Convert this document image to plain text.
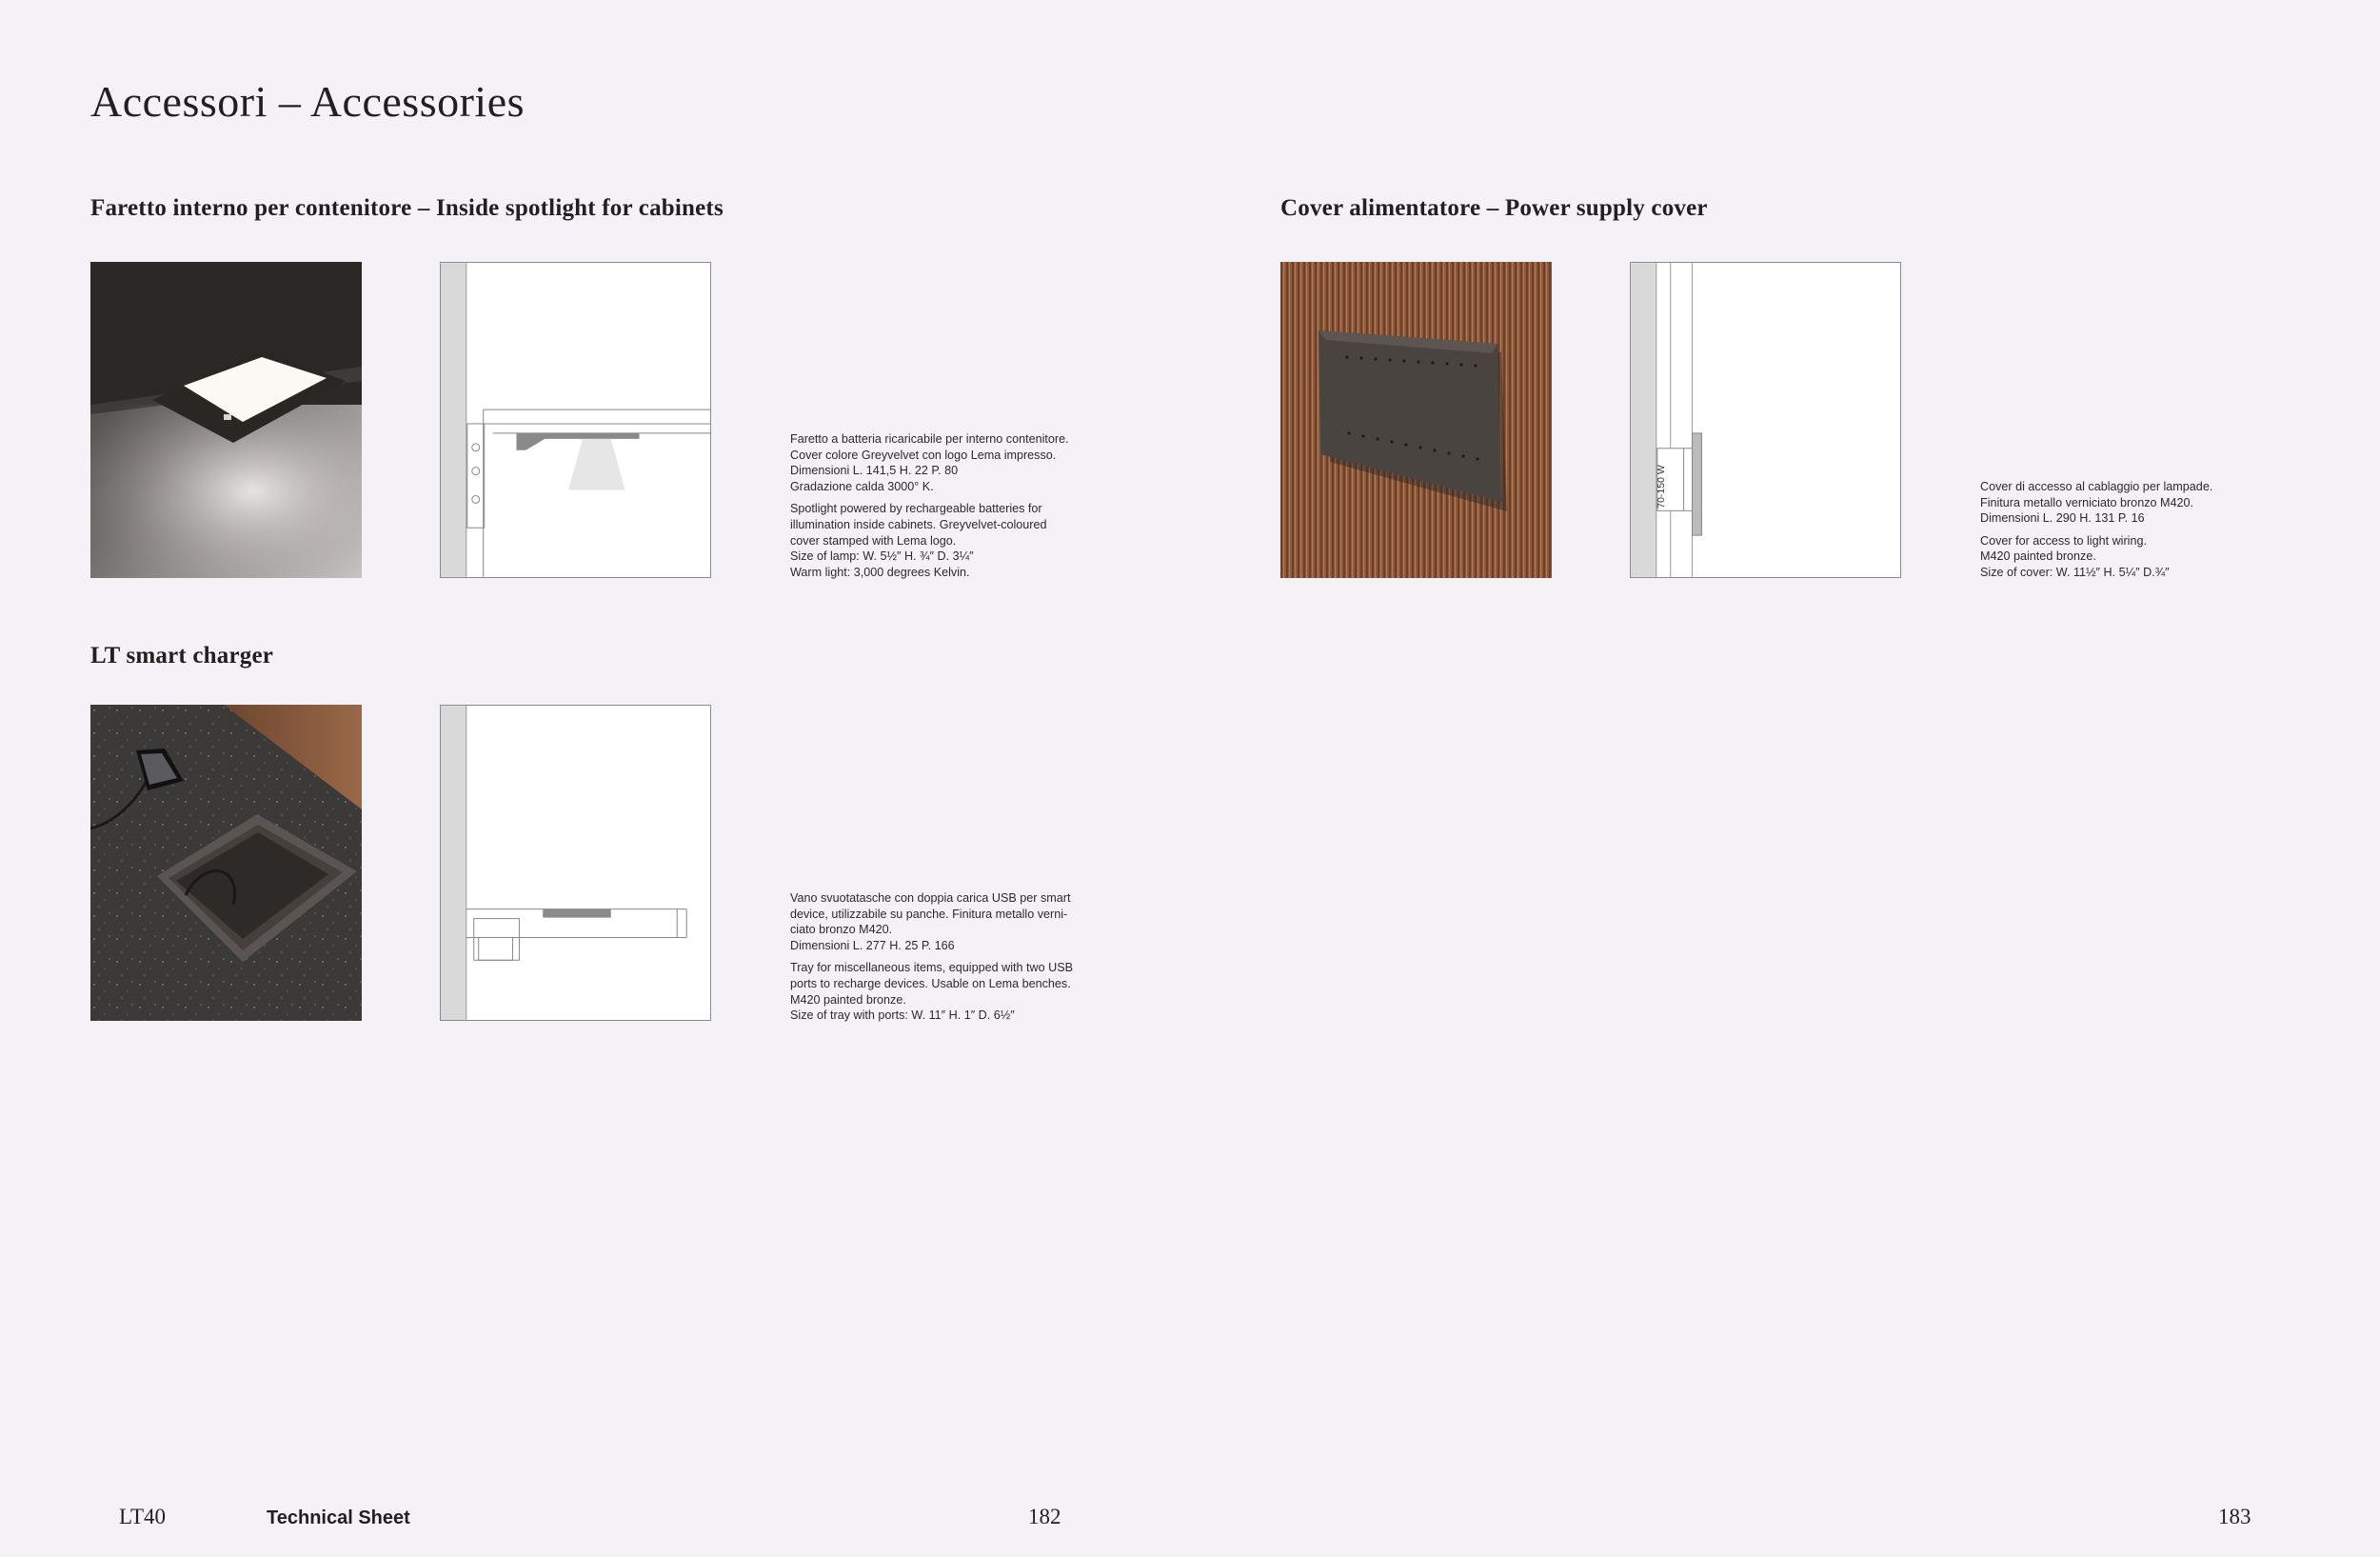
Accessori – Accessories
Faretto interno per contenitore – Inside spotlight for cabinets

Faretto a batteria ricaricabile per interno contenitore.
Cover colore Greyvelvet con logo Lema impresso.
Dimensioni L. 141,5 H. 22 P. 80
Gradazione calda 3000° K.

Spotlight powered by rechargeable batteries for
illumination inside cabinets. Greyvelvet-coloured
cover stamped with Lema logo.
Size of lamp: W. 5½″ H. ¾″ D. 3¼″
Warm light: 3,000 degrees Kelvin.

Cover alimentatore – Power supply cover
70-150 W	Cover di accesso al cablaggio per lampade.
Finitura metallo verniciato bronzo M420.
Dimensioni L. 290 H. 131 P. 16

Cover for access to light wiring.
M420 painted bronze.
Size of cover: W. 11½″ H. 5¼″ D.¾″

LT smart charger

Vano svuotatasche con doppia carica USB per smart
device, utilizzabile su panche. Finitura metallo verni-
ciato bronzo M420.
Dimensioni L. 277 H. 25 P. 166

Tray for miscellaneous items, equipped with two USB
ports to recharge devices. Usable on Lema benches.
M420 painted bronze.
Size of tray with ports: W. 11″ H. 1″ D. 6½″

LT40	Technical Sheet	182	183
